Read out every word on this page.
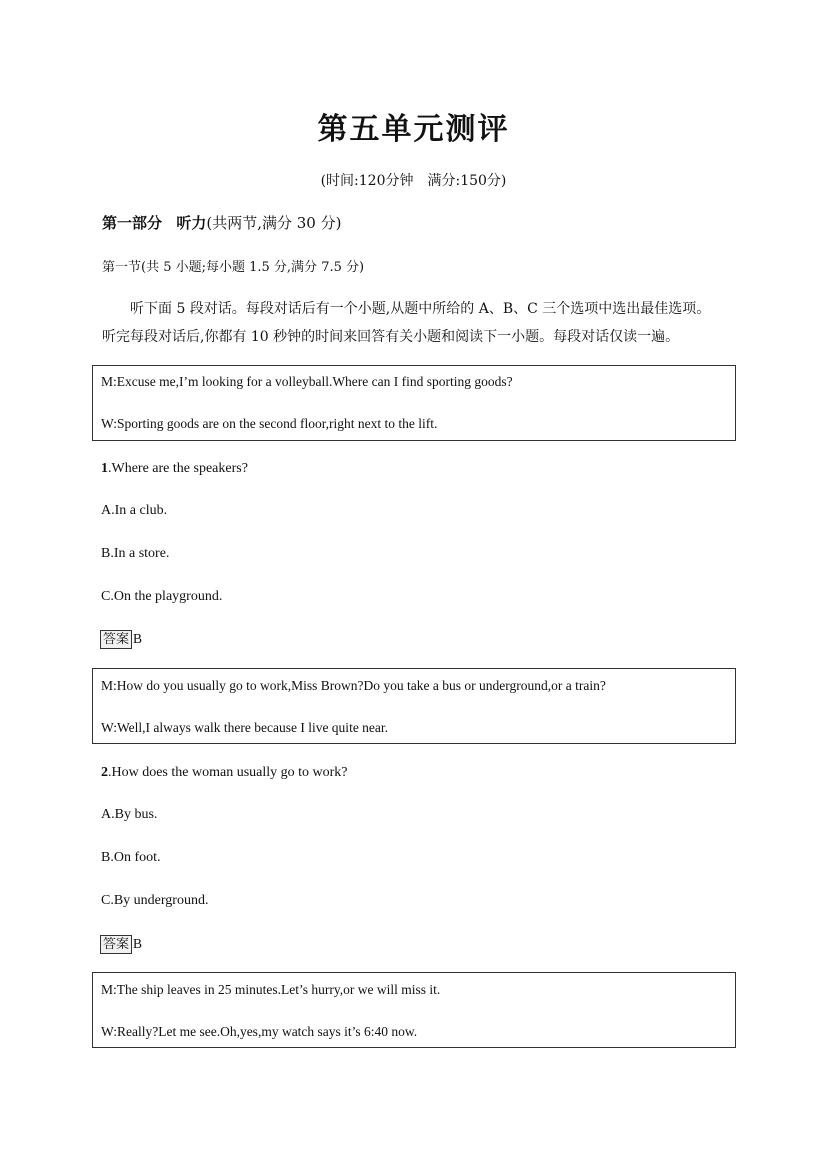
第五单元测评
(时间:120分钟　满分:150分)
第一部分 听力(共两节,满分 30 分)
第一节(共 5 小题;每小题 1.5 分,满分 7.5 分)
听下面 5 段对话。每段对话后有一个小题,从题中所给的 A、B、C 三个选项中选出最佳选项。
听完每段对话后,你都有 10 秒钟的时间来回答有关小题和阅读下一小题。每段对话仅读一遍。
M:Excuse me,I’m looking for a volleyball.Where can I find sporting goods?
W:Sporting goods are on the second floor,right next to the lift.
1.Where are the speakers?
A.In a club.
B.In a store.
C.On the playground.
答案 B
M:How do you usually go to work,Miss Brown?Do you take a bus or underground,or a train?
W:Well,I always walk there because I live quite near.
2.How does the woman usually go to work?
A.By bus.
B.On foot.
C.By underground.
答案 B
M:The ship leaves in 25 minutes.Let’s hurry,or we will miss it.
W:Really?Let me see.Oh,yes,my watch says it’s 6:40 now.
